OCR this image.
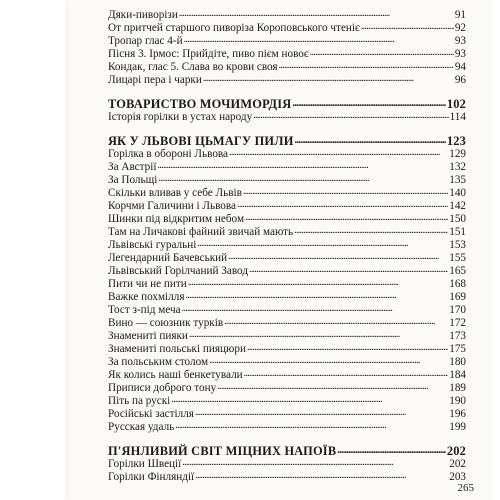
Дяки-пиворізи . . .	91
От притчей старшого пиворіза Короповського чтеніє . . .	92
Тропар глас 4-й . . .	93
Пісня 3. Ірмос: Прийдіте, пиво пієм новоє . . .	93
Кондак, глас 5. Слава во крови своя . . .	94
Лицарі пера і чарки . . .	96
ТОВАРИСТВО МОЧИМОРДІЯ . . .	102
Історія горілки в устах народу . . .	114
ЯК У ЛЬВОВІ ЦЬМАГУ ПИЛИ . . .	123
Горілка в обороні Львова . . .	129
За Австрії . . .	132
За Польщі . . .	135
Скільки вливав у себе Львів . . .	140
Корчми Галичини і Львова . . .	142
Шинки під відкритим небом . . .	150
Там на Личакові файний звичай мають . . .	151
Львівські гуральні . . .	153
Легендарний Бачевський . . .	155
Львівський Горілчаний Завод . . .	165
Пити чи не пити . . .	168
Важке похмілля . . .	169
Тост з-під меча . . .	170
Вино — союзник турків . . .	172
Знамениті пияки . . .	173
Знамениті польські пияцюри . . .	175
За польським столом . . .	180
Як колись наші бенкетували . . .	184
Приписи доброго тону . . .	189
Піть па рускі . . .	190
Російські застілля . . .	196
Русская удаль . . .	199
П'ЯНЛИВИЙ СВІТ МІЦНИХ НАПОЇВ . . .	202
Горілки Швеції . . .	202
Горілки Фінляндії . . .	203
265
